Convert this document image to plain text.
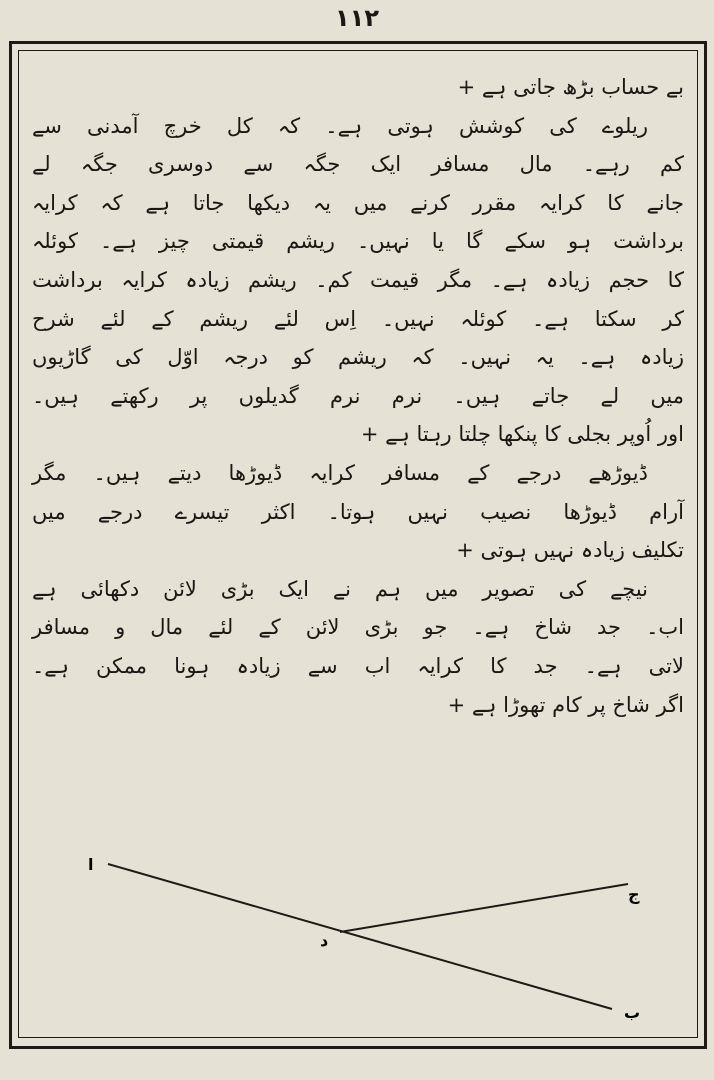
۱۱۲
بے حساب بڑھ جاتی ہے +
ریلوے کی کوشش ہوتی ہے۔ کہ کل خرچ آمدنی سے
کم رہے۔ مال مسافر ایک جگہ سے دوسری جگہ لے
جانے کا کرایہ مقرر کرنے میں یہ دیکھا جاتا ہے کہ کرایہ
برداشت ہو سکے گا یا نہیں۔ ریشم قیمتی چیز ہے۔ کوئلہ
کا حجم زیادہ ہے۔ مگر قیمت کم۔ ریشم زیادہ کرایہ برداشت
کر سکتا ہے۔ کوئلہ نہیں۔ اِس لئے ریشم کے لئے شرح
زیادہ ہے۔ یہ نہیں۔ کہ ریشم کو درجہ اوّل کی گاڑیوں
میں لے جاتے ہیں۔ نرم نرم گدیلوں پر رکھتے ہیں۔
اور اُوپر بجلی کا پنکھا چلتا رہتا ہے +
ڈیوڑھے درجے کے مسافر کرایہ ڈیوڑھا دیتے ہیں۔ مگر
آرام ڈیوڑھا نصیب نہیں ہوتا۔ اکثر تیسرے درجے میں
تکلیف زیادہ نہیں ہوتی +
نیچے کی تصویر میں ہم نے ایک بڑی لائن دکھائی ہے
اب۔ جد شاخ ہے۔ جو بڑی لائن کے لئے مال و مسافر
لاتی ہے۔ جد کا کرایہ اب سے زیادہ ہونا ممکن ہے۔
اگر شاخ پر کام تھوڑا ہے +
ا
ج
د
ب
